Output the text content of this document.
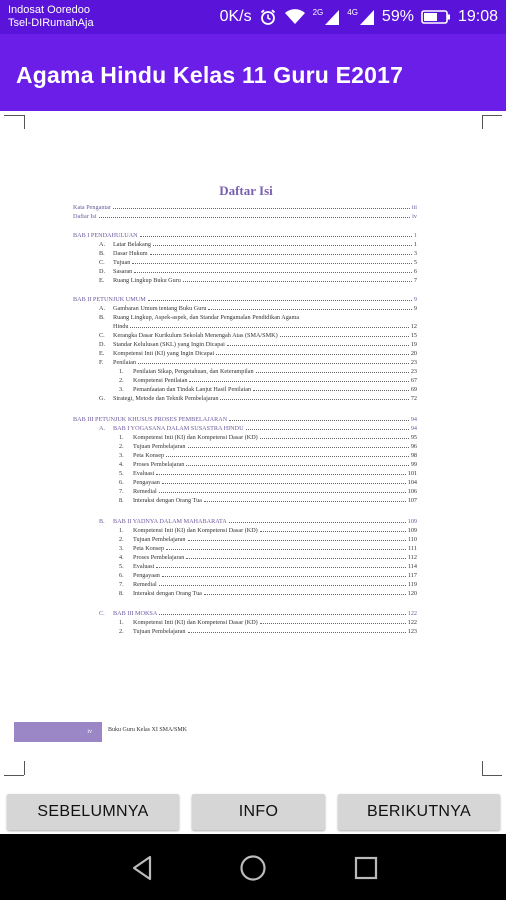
Indosat Ooredoo
Tsel-DIRumahAja	0K/s	2G	4G 59%	19:08
Agama Hindu Kelas 11 Guru E2017
Daftar Isi
Kata Pengantar	iii
Daftar Isi	iv
BAB I PENDAHULUAN	1
A.	Latar Belakang	1
B.	Dasar Hukum	3
C.	Tujuan	5
D.	Sasaran	6
E.	Ruang Lingkup Buku Guru	7
BAB II PETUNJUK UMUM	9
A.	Gambaran Umum tentang Buku Guru	9
B.	Ruang Lingkup, Aspek-aspek, dan Standar Pengamalan Pendidikan Agama
Hindu	12
C.	Kerangka Dasar Kurikulum Sekolah Menengah Atas (SMA/SMK)	15
D.	Standar Kelulusan (SKL) yang Ingin Dicapai	19
E.	Kompetensi Inti (KI) yang Ingin Dicapai	20
F.	Penilaian	23
1.	Penilaian Sikap, Pengetahuan, dan Keterampilan	23
2.	Kompetensi Penilaian	67
3.	Pemanfaatan dan Tindak Lanjut Hasil Penilaian	69
G.	Strategi, Metode dan Teknik Pembelajaran	72
BAB III PETUNJUK KHUSUS PROSES PEMBELAJARAN	94
A.	BAB I YOGASANA DALAM SUSASTRA HINDU	94
1.	Kompetensi Inti (KI) dan Kompetensi Dasar (KD)	95
2.	Tujuan Pembelajaran	96
3.	Peta Konsep	98
4.	Proses Pembelajaran	99
5.	Evaluasi	101
6.	Pengayaan	104
7.	Remedial	106
8.	Interaksi dengan Orang Tua	107
B.	BAB II YADNYA DALAM MAHABARATA	109
1.	Kompetensi Inti (KI) dan Kompetensi Dasar (KD)	109
2.	Tujuan Pembelajaran	110
3.	Peta Konsep	111
4.	Proses Pembelajaran	112
5.	Evaluasi	114
6.	Pengayaan	117
7.	Remedial	119
8.	Interaksi dengan Orang Tua	120
C.	BAB III MOKSA	122
1.	Kompetensi Inti (KI) dan Kompetensi Dasar (KD)	122
2.	Tujuan Pembelajaran	123
iv	Buku Guru Kelas XI SMA/SMK
SEBELUMNYA	INFO	BERIKUTNYA
